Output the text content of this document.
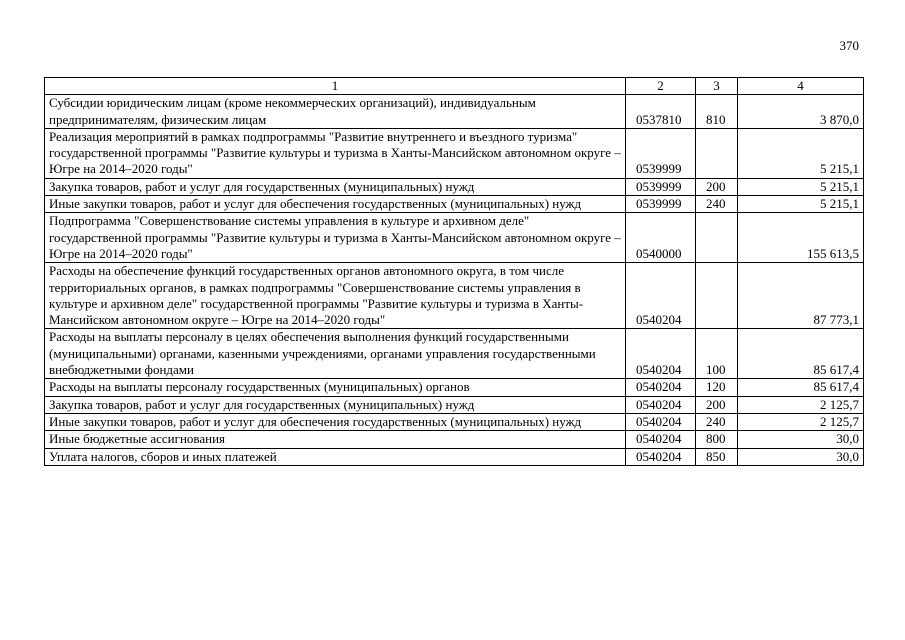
370
1	2	3	4
Субсидии юридическим лицам (кроме некоммерческих организаций), индивидуальным предпринимателям, физическим лицам	0537810	810	3 870,0
Реализация мероприятий в рамках подпрограммы "Развитие внутреннего и въездного туризма" государственной программы "Развитие культуры и туризма в Ханты-Мансийском автономном округе – Югре на 2014–2020 годы"	0539999		5 215,1
Закупка товаров, работ и услуг для государственных (муниципальных) нужд	0539999	200	5 215,1
Иные закупки товаров, работ и услуг для обеспечения государственных (муниципальных) нужд	0539999	240	5 215,1
Подпрограмма "Совершенствование системы управления в культуре и архивном деле" государственной программы "Развитие культуры и туризма в Ханты-Мансийском автономном округе – Югре на 2014–2020 годы"	0540000		155 613,5
Расходы на обеспечение функций государственных органов автономного округа, в том числе территориальных органов, в рамках подпрограммы "Совершенствование системы управления в культуре и архивном деле" государственной программы "Развитие культуры и туризма в Ханты-Мансийском автономном округе – Югре на 2014–2020 годы"	0540204		87 773,1
Расходы на выплаты персоналу в целях обеспечения выполнения функций государственными (муниципальными) органами, казенными учреждениями, органами управления государственными внебюджетными фондами	0540204	100	85 617,4
Расходы на выплаты персоналу государственных (муниципальных) органов	0540204	120	85 617,4
Закупка товаров, работ и услуг для государственных (муниципальных) нужд	0540204	200	2 125,7
Иные закупки товаров, работ и услуг для обеспечения государственных (муниципальных) нужд	0540204	240	2 125,7
Иные бюджетные ассигнования	0540204	800	30,0
Уплата налогов, сборов и иных платежей	0540204	850	30,0
